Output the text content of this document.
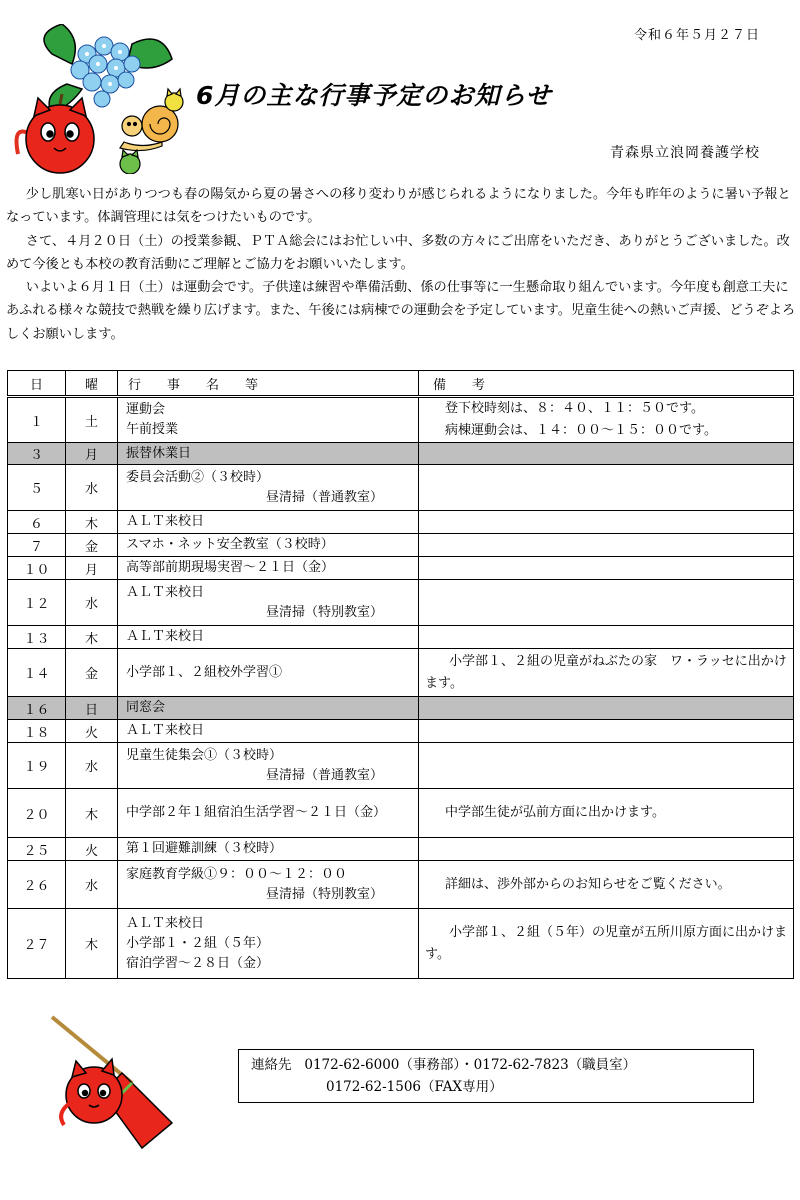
令和６年５月２７日
6月の主な行事予定のお知らせ
青森県立浪岡養護学校

少し肌寒い日がありつつも春の陽気から夏の暑さへの移り変わりが感じられるようになりました。今年も昨年のように暑い予報となっています。体調管理には気をつけたいものです。

さて、４月２０日（土）の授業参観、ＰＴＡ総会にはお忙しい中、多数の方々にご出席をいただき、ありがとうございました。改めて今後とも本校の教育活動にご理解とご協力をお願いいたします。

いよいよ６月１日（土）は運動会です。子供達は練習や準備活動、係の仕事等に一生懸命取り組んでいます。今年度も創意工夫にあふれる様々な競技で熱戦を繰り広げます。また、午後には病棟での運動会を予定しています。児童生徒への熱いご声援、どうぞよろしくお願いします。

日	曜	行　　事　　名　　等	備　　考
１	土	運動会
午前授業	登下校時刻は、８：４０、１１：５０です。
病棟運動会は、１４：００〜１５：００です。

３	月	振替休業日	

５	水	委員会活動②（３校時）
昼清掃（普通教室）	

６	木	ＡＬＴ来校日	

７	金	スマホ・ネット安全教室（３校時）	

１０	月	高等部前期現場実習〜２１日（金）	

１２	水	ＡＬＴ来校日
昼清掃（特別教室）	

１３	木	ＡＬＴ来校日	

１４	金	小学部１、２組校外学習①	小学部１、２組の児童がねぶたの家　ワ・ラッセに出かけます。

１６	日	同窓会	

１８	火	ＡＬＴ来校日	

１９	水	児童生徒集会①（３校時）
昼清掃（普通教室）	

２０	木	中学部２年１組宿泊生活学習〜２１日（金）	中学部生徒が弘前方面に出かけます。

２５	火	第１回避難訓練（３校時）	

２６	水	家庭教育学級①９：００〜１２：００
昼清掃（特別教室）	詳細は、渉外部からのお知らせをご覧ください。

２７	木	ＡＬＴ来校日
小学部１・２組（５年）
宿泊学習〜２８日（金）	小学部１、２組（５年）の児童が五所川原方面に出かけます。
連絡先 0172-62-6000（事務部）・0172-62-7823（職員室）
0172-62-1506（FAX専用）
